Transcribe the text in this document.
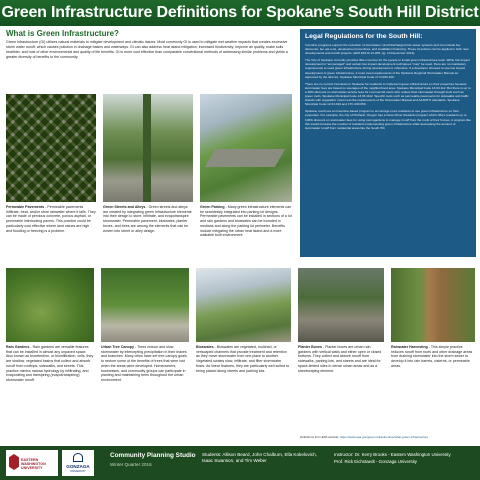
Green Infrastructure Definitions for Spokane’s South Hill District
What is Green Infrastructure?

Green Infrastructure (GI) utilizes natural materials to mitigate development and climatic issues. Most commonly GI is used to mitigate wet weather impacts that creates excessive storm water runoff, which causes pollution in drainage basins and waterways. GI can also address heat island mitigation, increased biodiversity; improve air quality, make soils healthier, and host of other environmental and quality of life benefits. GI is more cost effective than comparable conventional methods of addressing similar problems and yields a greater diversity of benefits to the community.

Legal Regulations for the South Hill:

Incentive programs support the reduction of stormwater runoff discharged into sewer systems and can include fee discounts, fee opt-outs, development incentives, and installation financing. These incentives can be applied to both new developments and retrofit projects. (EPA 843-R-14-005, pg. 10 December 2014).

The City of Spokane currently provides little incentive for the people to install green infrastructure tools. While low impact development is "encouraged" and certain low impact development techniques "may" be used, there are no mandatory requirements to used green infrastructure during development or otherwise. If a developer chooses to use low impact development or green infrastructure, it must meet requirements of the Spokane Regional Stormwater Manual as approved by the director. Spokane Municipal Code 17.D.060.190.

There are no current incentives in Spokane for residents to implement green infrastructure on their properties because stormwater fees are based on averages of the neighborhood area. Spokane Municipal Code 13.03.112. But there is up to a 20% discount on stormwater service fees for commercial users who reduce their stormwater through tools such as green roofs. Spokane Municipal Code 13.03.1112. Specific tools such as permeable pavements for sidewalks and traffic islands with vegetation must meet the requirements of the Stormwater Manual and AASHTO standards. Spokane Municipal Code 12.01.010 and 17C.200.050.

Spokane could use an incentive-based program to encourage more residents to use green infrastructure on their properties. For example, the city of Portland, Oregon has a Clean River Rewards program which offers residents up to 100% discount on stormwater fees for using stormgardens to manage runoff from the roofs of their homes. A program like this would increase the number of residents implementing green infrastructure while decreasing the amount of stormwater runoff from residential areas like the South Hill.

Permeable Pavements - Permeable pavements infiltrate, treat, and/or store rainwater where it falls. They can be made of pervious concrete, porous asphalt, or permeable interlocking pavers. This practice could be particularly cost effective where land values are high and flooding or freezing is a problem.
Green Streets and Alleys - Green streets and alleys are created by integrating green infrastructure elements into their design to store, infiltrate, and evapotranspire stormwater. Permeable pavement, bioswales, planter boxes, and trees are among the elements that can be woven into street or alley design.
Green Parking - Many green infrastructure elements can be seamlessly integrated into parking lot designs. Permeable pavements can be installed in sections of a lot and rain gardens and bioswales can be included in medians and along the parking lot perimeter. Benefits include mitigating the urban heat island and a more walkable built environment.
Rain Gardens - Rain gardens are versatile features that can be installed in almost any unpaved space. Also known as bioretention, or bioinfiltration, cells, they are shallow, vegetated basins that collect and absorb runoff from rooftops, sidewalks, and streets. This practice mimics natural hydrology by infiltrating, and evaporating and transpiring (evapotranspiring) stormwater runoff.
Urban Tree Canopy - Trees reduce and slow stormwater by intercepting precipitation in their leaves and branches. Many cities have set tree canopy goals to restore some of the benefits of trees that were lost when the areas were developed. Homeowners, businesses, and community groups can participate in planting and maintaining trees throughout the urban environment.
Bioswales - Bioswales are vegetated, mulched, or xeriscaped channels that provide treatment and retention as they move stormwater from one place to another. Vegetated swales slow, infiltrate, and filter stormwater flows. As linear features, they are particularly well suited to being placed along streets and parking lots.
Planter Boxes - Planter boxes are urban rain gardens with vertical walls and either open or closed bottoms. They collect and absorb runoff from sidewalks, parking lots, and streets and are ideal for space-limited sites in dense urban areas and as a streetscaping element.
Rainwater Harvesting - This simple practice reduces runoff from roofs and other drainage areas from draining stormwater into the storm sewer to develop it into rain barrels, cisterns, or permeable areas.
Definitions from EPA website: https://www.epa.gov/green-infrastructure/what-green-infrastructure
EASTERN WASHINGTON UNIVERSITY	GONZAGA
UNIVERSITY
Community Planning Studio
Winter Quarter 2016
Students: Allison Beard, John Chalburn, Ella Kokelovich, Isaac Swanson, and Tim Weber
Instructor: Dr. Kerry Brooks - Eastern Washington University
Prof. Rick Eichstaedt - Gonzaga University
